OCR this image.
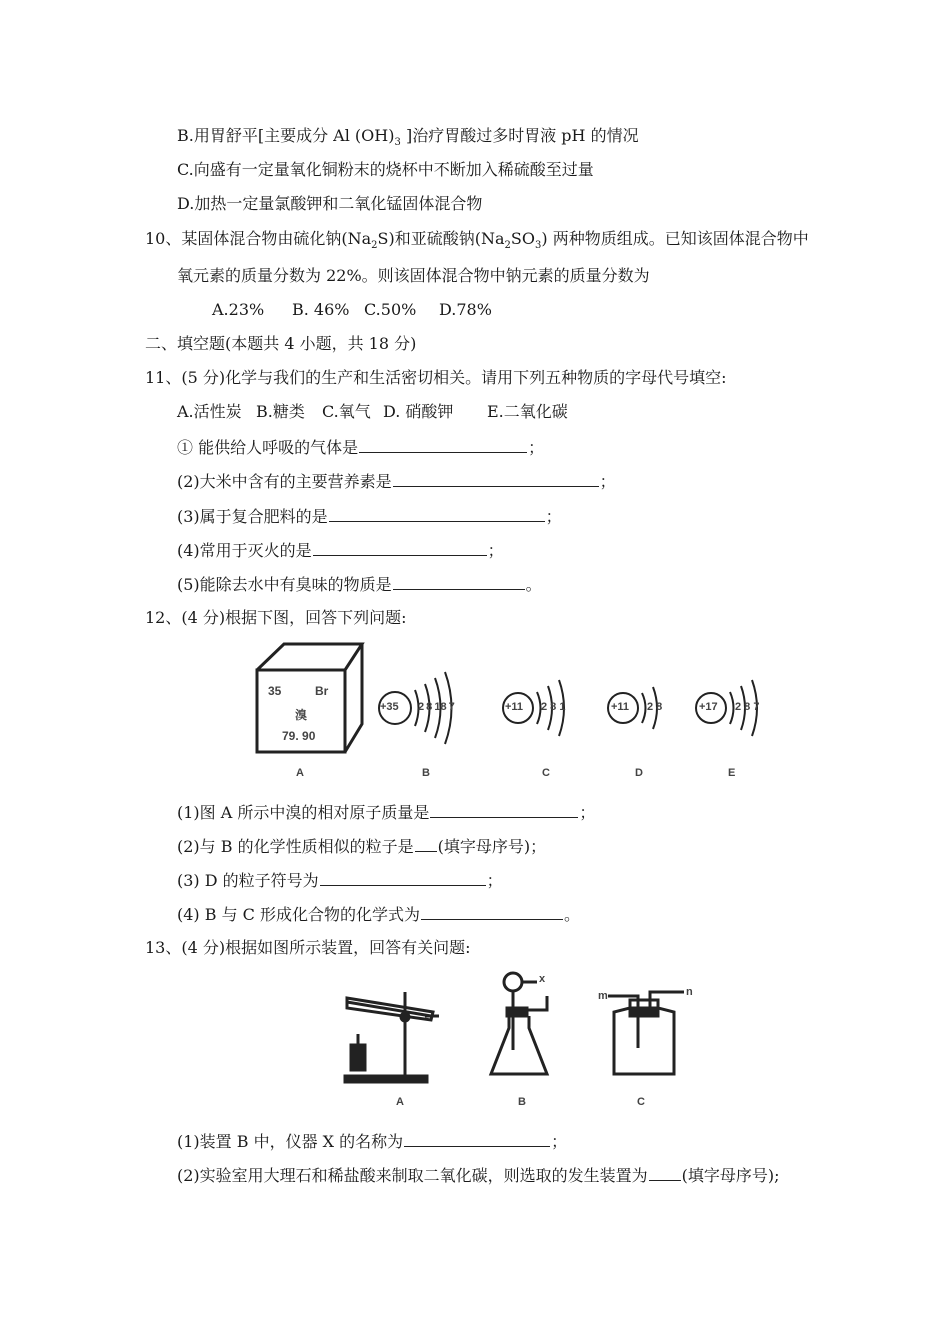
B.用胃舒平[主要成分 Al $(OH)_3$ ]治疗胃酸过多时胃液 pH 的情况
C.向盛有一定量氧化铜粉末的烧杯中不断加入稀硫酸至过量
D.加热一定量氯酸钾和二氧化锰固体混合物
10、某固体混合物由硫化钠$(Na_2S)$和亚硫酸钠$(Na_2SO_3)$ 两种物质组成。已知该固体混合物中
氧元素的质量分数为 22%。则该固体混合物中钠元素的质量分数为
A.23% B. 46% C.50% D.78%
二、填空题(本题共 4 小题，共 18 分)
11、(5 分)化学与我们的生产和生活密切相关。请用下列五种物质的字母代号填空:
A.活性炭 B.糖类 C.氧气 D. 硝酸钾 E.二氧化碳
① 能供给人呼吸的气体是	；
(2)大米中含有的主要营养素是	；
(3)属于复合肥料的是	；
(4)常用于灭火的是	；
(5)能除去水中有臭味的物质是	。
12、(4 分)根据下图，回答下列问题:
35	Br
溴
79. 90
+35 2 8 18 7	+11 2 8 1	+11 2 8	+17 2 8 7
A	B	C	D	E
(1)图 A 所示中溴的相对原子质量是	；
(2)与 B 的化学性质相似的粒子是 (填字母序号)；
(3) D 的粒子符号为	；
(4) B 与 C 形成化合物的化学式为	。
13、(4 分)根据如图所示装置，回答有关问题:
x
m	n
A	B	C
(1)装置 B 中，仪器 X 的名称为	；
(2)实验室用大理石和稀盐酸来制取二氧化碳，则选取的发生装置为 (填字母序号);
